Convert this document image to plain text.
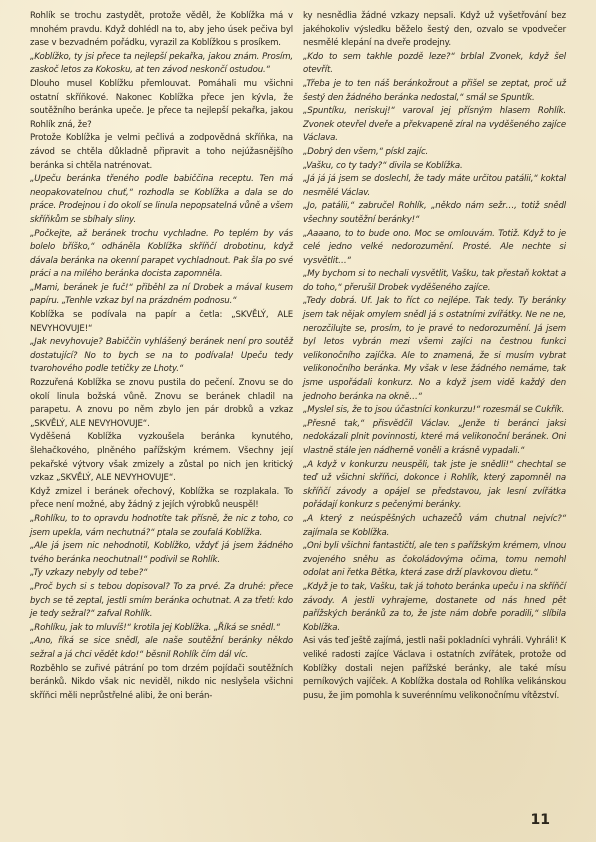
Rohlík se trochu zastydět, protože věděl, že Koblížka má v mnohém pravdu. Když dohlédl na to, aby jeho úsek pečiva byl zase v bezvadném pořádku, vyrazil za Koblížkou s prosíkem.

„Koblížko, ty jsi přece ta nejlepší pekařka, jakou znám. Prosím, zaskoč letos za Kokosku, at ten závod neskončí ostudou.“

Dlouho musel Koblížku přemlouvat. Pomáhali mu všichni ostatní skříňkové. Nakonec Koblížka přece jen kývla, že soutěžního beránka upeče. Je přece ta nejlepší pekařka, jakou Rohlík zná, že?

Protože Koblížka je velmi pečlivá a zodpovědná skříňka, na závod se chtěla důkladně připravit a toho nejúžasnějšího beránka si chtěla natrénovat.

„Upeču beránka třeného podle babiččina receptu. Ten má neopakovatelnou chuť,“ rozhodla se Koblížka a dala se do práce. Prodejnou i do okolí se linula nepopsatelná vůně a všem skříňkům se sbíhaly sliny.

„Počkejte, až beránek trochu vychladne. Po teplém by vás bolelo bříško,“ odháněla Koblížka skříňčí drobotinu, když dávala beránka na okenní parapet vychladnout. Pak šla po své práci a na milého beránka docista zapomněla.

„Mami, beránek je fuč!“ přiběhl za ní Drobek a mával kusem papíru. „Tenhle vzkaz byl na prázdném podnosu.“

Koblížka se podívala na papír a četla: „SKVĚLÝ, ALE NEVYHOVUJE!“

„Jak nevyhovuje? Babiččin vyhlášený beránek není pro soutěž dostatující? No to bych se na to podívala! Upeču tedy tvarohového podle tetičky ze Lhoty.“

Rozzuřená Koblížka se znovu pustila do pečení. Znovu se do okolí linula božská vůně. Znovu se beránek chladil na parapetu. A znovu po něm zbylo jen pár drobků a vzkaz „SKVĚLÝ, ALE NEVYHOVUJE“.

Vyděšená Koblížka vyzkoušela beránka kynutého, šlehačkového, plněného pařížským krémem. Všechny její pekařské výtvory však zmizely a zůstal po nich jen kritický vzkaz „SKVĚLÝ, ALE NEVYHOVUJE“.

Když zmizel i beránek ořechový, Koblížka se rozplakala. To přece není možné, aby žádný z jejích výrobků neuspěl!

„Rohlíku, to to opravdu hodnotíte tak přísně, že nic z toho, co jsem upekla, vám nechutná?“ ptala se zoufalá Koblížka.

„Ale já jsem nic nehodnotil, Koblížko, vždyť já jsem žádného tvého beránka neochutnal!“ podivil se Rohlík.

„Ty vzkazy nebyly od tebe?“

„Proč bych si s tebou dopisoval? To za prvé. Za druhé: přece bych se tě zeptal, jestli smím beránka ochutnat. A za třetí: kdo je tedy sežral?“ zafval Rohlík.

„Rohlíku, jak to mluvíš!“ krotila jej Koblížka. „Říká se snědl.“

„Ano, říká se sice snědl, ale naše soutěžní beránky někdo sežral a já chci vědět kdo!“ běsnil Rohlík čím dál víc.

Rozběhlo se zuřivé pátrání po tom drzém pojídači soutěžních beránků. Nikdo však nic neviděl, nikdo nic neslyšela všichni skříňci měli neprůstřelné alibi, že oni berán-

ky nesnědlia žádné vzkazy nepsali. Když už vyšetřování bez jakéhokoliv výsledku běželo šestý den, ozvalo se vpodvečer nesmělé klepání na dveře prodejny.

„Kdo to sem takhle pozdě leze?“ brblal Zvonek, když šel otevřít.

„Třeba je to ten náš beránkožrout a přišel se zeptat, proč už šestý den žádného beránka nedostal,“ smál se Spuntík.

„Spuntíku, neriskuj!“ varoval jej přísným hlasem Rohlík. Zvonek otevřel dveře a překvapeně zíral na vyděšeného zajíce Václava.

„Dobrý den všem,“ pískl zajíc.

„Vašku, co ty tady?“ divila se Koblížka.

„Já já já jsem se doslechl, že tady máte určitou patálii,“ koktal nesmělé Václav.

„Jo, patálii,“ zabručel Rohlík, „někdo nám sežr…, totiž snědl všechny soutěžní beránky!“

„Aaaano, to to bude ono. Moc se omlouvám. Totiž. Když to je celé jedno velké nedorozumění. Prosté. Ale nechte si vysvětlit…“

„My bychom si to nechali vysvětlit, Vašku, tak přestaň koktat a do toho,“ přerušil Drobek vyděšeného zajíce.

„Tedy dobrá. Uf. Jak to říct co nejlépe. Tak tedy. Ty beránky jsem tak nějak omylem snědl já s ostatními zvířátky. Ne ne ne, nerozčilujte se, prosím, to je pravé to nedorozumění. Já jsem byl letos vybrán mezi všemi zajíci na čestnou funkci velikonočního zajíčka. Ale to znamená, že si musím vybrat velikonočního beránka. My však v lese žádného nemáme, tak jsme uspořádali konkurz. No a když jsem vidě každý den jednoho beránka na okně…“

„Myslel sis, že to jsou účastníci konkurzu!“ rozesmál se Cukřík.

„Přesně tak,“ přisvědčil Václav. „Jenže ti beránci jaksi nedokázali plnit povinnosti, které má velikonoční beránek. Oni vlastně stále jen nádherně voněli a krásně vypadali.“

„A když v konkurzu neuspěli, tak jste je snědli!“ chechtal se teď už všichni skříňci, dokonce i Rohlík, který zapomněl na skříňčí závody a opájel se představou, jak lesní zvířátka pořádají konkurz s pečenými beránky.

„A který z neúspěšných uchazečů vám chutnal nejvíc?“ zajímala se Koblížka.

„Oni byli všichni fantastičtí, ale ten s pařížským krémem, vlnou zvojeného sněhu as čokoládovýma očima, tomu nemohl odolat ani řetka Bětka, která zase drží plavkovou dietu.“

„Když je to tak, Vašku, tak já tohoto beránka upeču i na skříňčí závody. A jestli vyhrajeme, dostanete od nás hned pět pařížských beránků za to, že jste nám dobře poradili,“ slíbila Koblížka.

Asi vás teď ještě zajímá, jestli naši pokladníci vyhráli. Vyhráli! K veliké radosti zajíce Václava i ostatních zvířátek, protože od Koblížky dostali nejen pařížské beránky, ale také mísu perníkových vajíček. A Koblížka dostala od Rohlíka velikánskou pusu, že jim pomohla k suverénnímu velikonočnímu vítězství.

11
